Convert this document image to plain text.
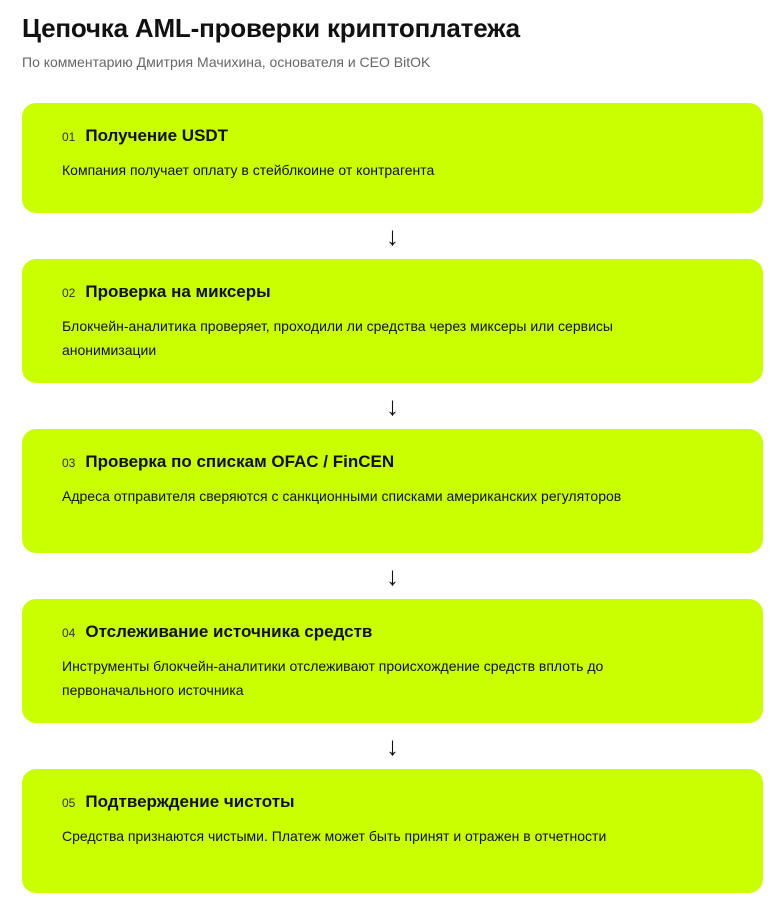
Цепочка AML-проверки криптоплатежа

По комментарию Дмитрия Мачихина, основателя и CEO BitOK

01 Получение USDT
Компания получает оплату в стейблкоине от контрагента
↓
02 Проверка на миксеры
Блокчейн-аналитика проверяет, проходили ли средства через миксеры или сервисы анонимизации
↓
03 Проверка по спискам OFAC / FinCEN
Адреса отправителя сверяются с санкционными списками американских регуляторов
↓
04 Отслеживание источника средств
Инструменты блокчейн-аналитики отслеживают происхождение средств вплоть до первоначального источника
↓
05 Подтверждение чистоты
Средства признаются чистыми. Платеж может быть принят и отражен в отчетности
